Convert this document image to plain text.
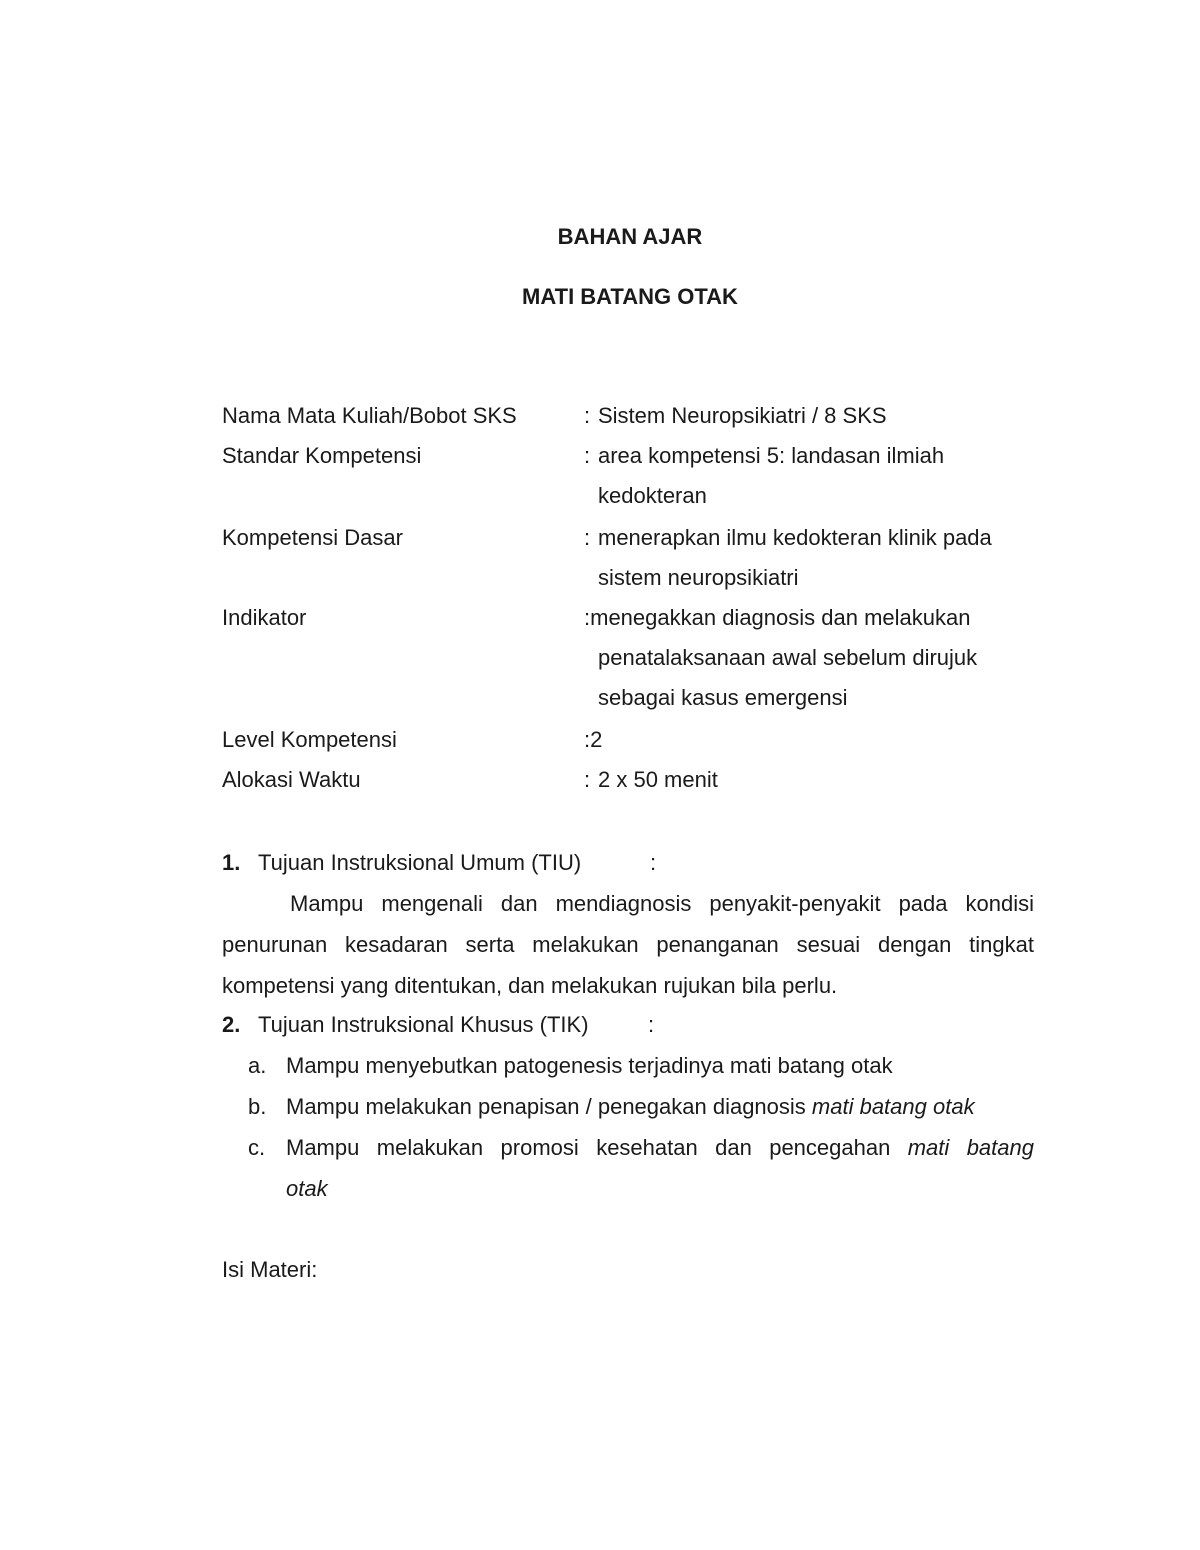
BAHAN AJAR
MATI BATANG OTAK
Nama Mata Kuliah/Bobot SKS	: Sistem Neuropsikiatri / 8 SKS
Standar Kompetensi	: area kompetensi 5: landasan ilmiah
kedokteran
Kompetensi Dasar	: menerapkan ilmu kedokteran klinik pada
sistem neuropsikiatri
Indikator	:menegakkan diagnosis dan melakukan
penatalaksanaan awal sebelum dirujuk
sebagai kasus emergensi
Level Kompetensi	:2
Alokasi Waktu	: 2 x 50 menit
1. Tujuan Instruksional Umum (TIU)	:
Mampu mengenali dan mendiagnosis penyakit-penyakit pada kondisi penurunan kesadaran serta melakukan penanganan sesuai dengan tingkat kompetensi yang ditentukan, dan melakukan rujukan bila perlu.
2. Tujuan Instruksional Khusus (TIK)	:
a. Mampu menyebutkan patogenesis terjadinya mati batang otak
b. Mampu melakukan penapisan / penegakan diagnosis mati batang otak
c. Mampu melakukan promosi kesehatan dan pencegahan mati batang
otak
Isi Materi:
